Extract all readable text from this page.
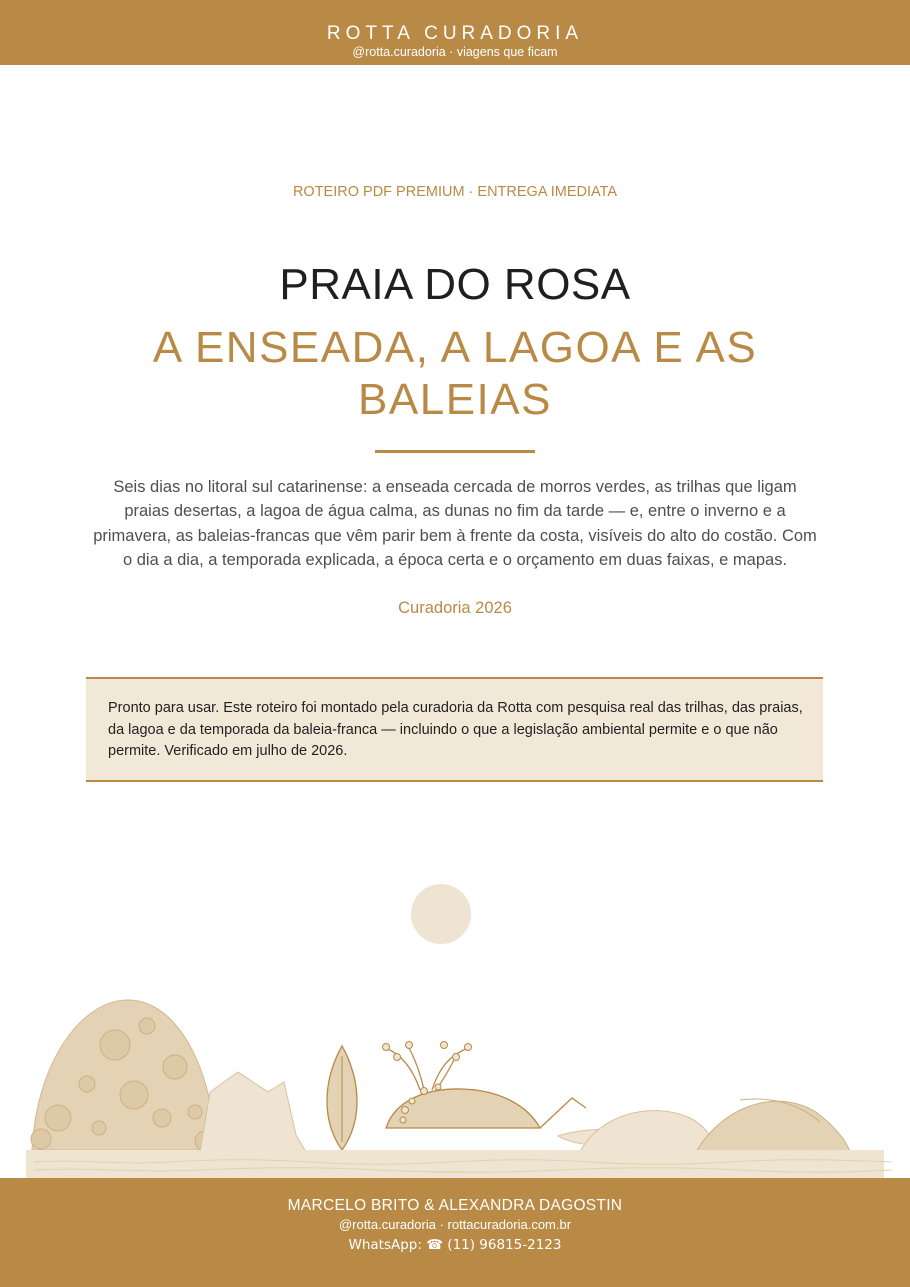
ROTTA CURADORIA
@rotta.curadoria · viagens que ficam
ROTEIRO PDF PREMIUM · ENTREGA IMEDIATA
PRAIA DO ROSA
A ENSEADA, A LAGOA E AS BALEIAS

Seis dias no litoral sul catarinense: a enseada cercada de morros verdes, as trilhas que ligam praias desertas, a lagoa de água calma, as dunas no fim da tarde — e, entre o inverno e a primavera, as baleias-francas que vêm parir bem à frente da costa, visíveis do alto do costão. Com o dia a dia, a temporada explicada, a época certa e o orçamento em duas faixas, e mapas.

Curadoria 2026
Pronto para usar. Este roteiro foi montado pela curadoria da Rotta com pesquisa real das trilhas, das praias, da lagoa e da temporada da baleia-franca — incluindo o que a legislação ambiental permite e o que não permite. Verificado em julho de 2026.
MARCELO BRITO & ALEXANDRA DAGOSTIN
@rotta.curadoria · rottacuradoria.com.br
WhatsApp: ☎ (11) 96815-2123
